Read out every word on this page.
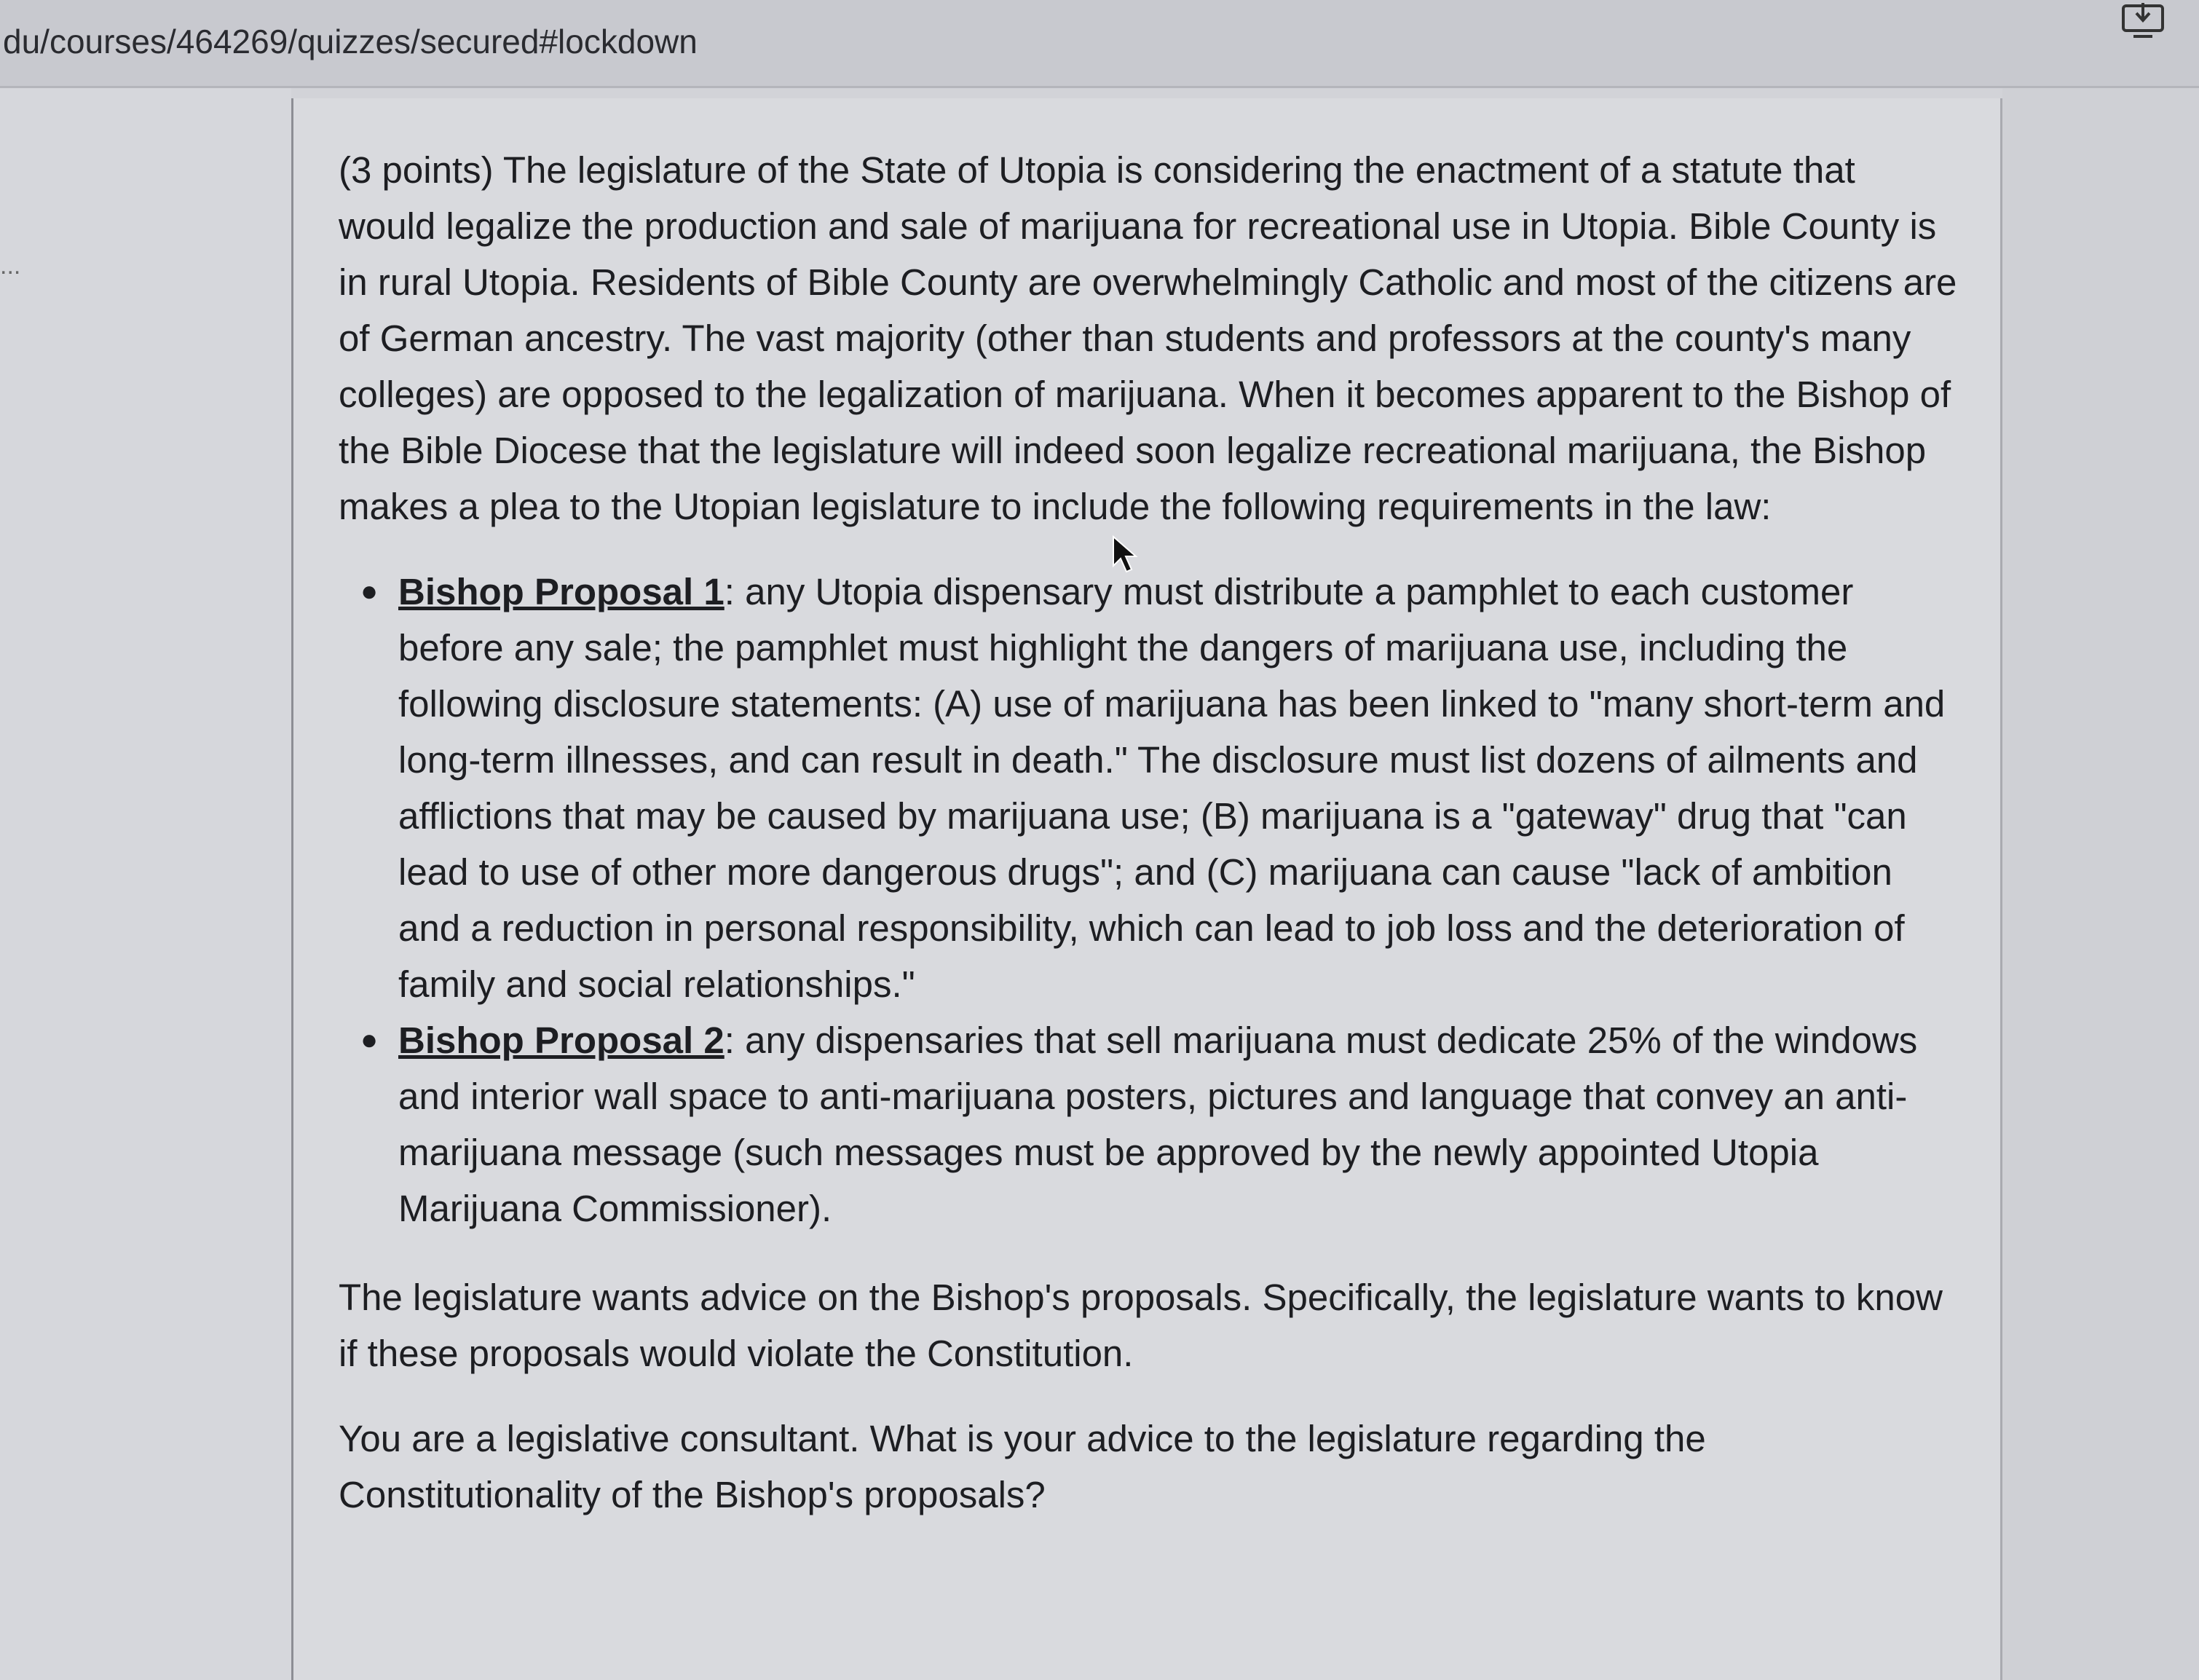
du/courses/464269/quizzes/secured#lockdown
...

(3 points) The legislature of the State of Utopia is considering the enactment of a statute that would legalize the production and sale of marijuana for recreational use in Utopia. Bible County is in rural Utopia. Residents of Bible County are overwhelmingly Catholic and most of the citizens are of German ancestry. The vast majority (other than students and professors at the county's many colleges) are opposed to the legalization of marijuana. When it becomes apparent to the Bishop of the Bible Diocese that the legislature will indeed soon legalize recreational marijuana, the Bishop makes a plea to the Utopian legislature to include the following requirements in the law:

● Bishop Proposal 1: any Utopia dispensary must distribute a pamphlet to each customer before any sale; the pamphlet must highlight the dangers of marijuana use, including the following disclosure statements: (A) use of marijuana has been linked to "many short-term and long-term illnesses, and can result in death." The disclosure must list dozens of ailments and afflictions that may be caused by marijuana use; (B) marijuana is a "gateway" drug that "can lead to use of other more dangerous drugs"; and (C) marijuana can cause "lack of ambition and a reduction in personal responsibility, which can lead to job loss and the deterioration of family and social relationships."
● Bishop Proposal 2: any dispensaries that sell marijuana must dedicate 25% of the windows and interior wall space to anti-marijuana posters, pictures and language that convey an anti-marijuana message (such messages must be approved by the newly appointed Utopia Marijuana Commissioner).

The legislature wants advice on the Bishop's proposals. Specifically, the legislature wants to know if these proposals would violate the Constitution.

You are a legislative consultant. What is your advice to the legislature regarding the Constitutionality of the Bishop's proposals?
